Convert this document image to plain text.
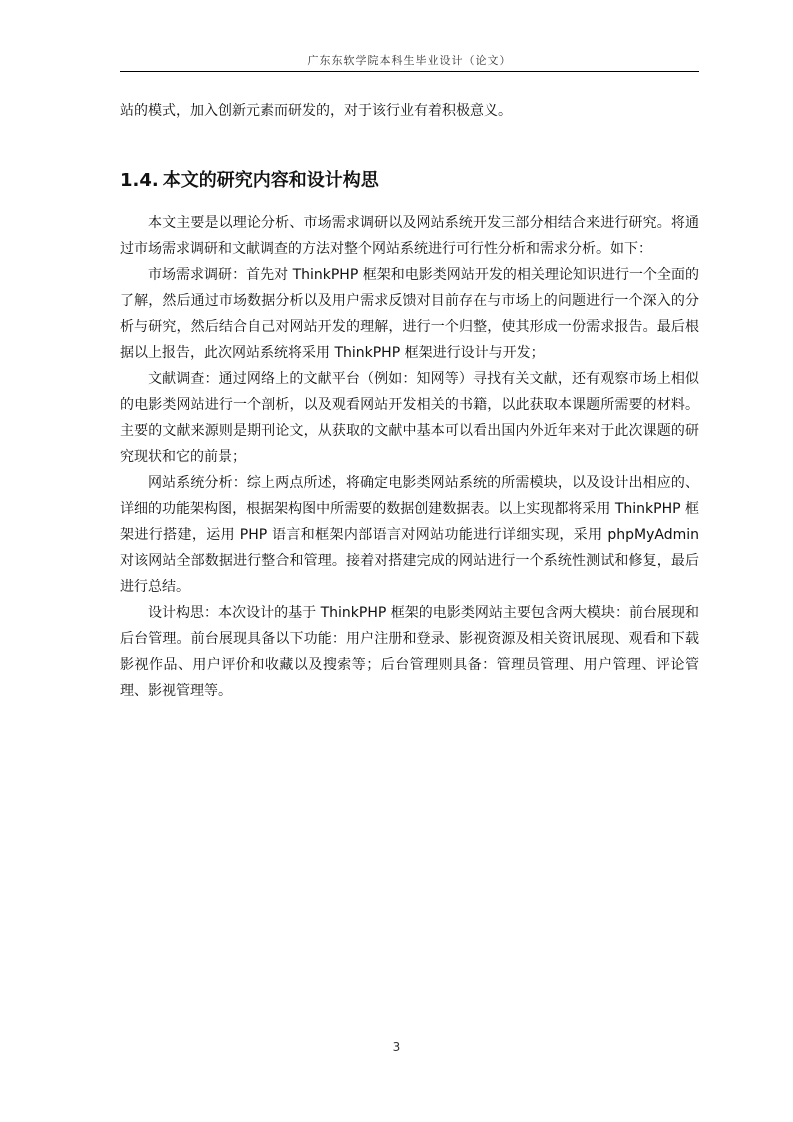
广东东软学院本科生毕业设计（论文）

站的模式，加入创新元素而研发的，对于该行业有着积极意义。

1.4. 本文的研究内容和设计构思

本文主要是以理论分析、市场需求调研以及网站系统开发三部分相结合来进行研究。将通过市场需求调研和文献调查的方法对整个网站系统进行可行性分析和需求分析。如下：

市场需求调研：首先对 ThinkPHP 框架和电影类网站开发的相关理论知识进行一个全面的了解，然后通过市场数据分析以及用户需求反馈对目前存在与市场上的问题进行一个深入的分析与研究，然后结合自己对网站开发的理解，进行一个归整，使其形成一份需求报告。最后根据以上报告，此次网站系统将采用 ThinkPHP 框架进行设计与开发；

文献调查：通过网络上的文献平台（例如：知网等）寻找有关文献，还有观察市场上相似的电影类网站进行一个剖析，以及观看网站开发相关的书籍，以此获取本课题所需要的材料。主要的文献来源则是期刊论文，从获取的文献中基本可以看出国内外近年来对于此次课题的研究现状和它的前景；

网站系统分析：综上两点所述，将确定电影类网站系统的所需模块，以及设计出相应的、详细的功能架构图，根据架构图中所需要的数据创建数据表。以上实现都将采用 ThinkPHP 框架进行搭建，运用 PHP 语言和框架内部语言对网站功能进行详细实现，采用 phpMyAdmin 对该网站全部数据进行整合和管理。接着对搭建完成的网站进行一个系统性测试和修复，最后进行总结。

设计构思：本次设计的基于 ThinkPHP 框架的电影类网站主要包含两大模块：前台展现和后台管理。前台展现具备以下功能：用户注册和登录、影视资源及相关资讯展现、观看和下载影视作品、用户评价和收藏以及搜索等；后台管理则具备：管理员管理、用户管理、评论管理、影视管理等。

3
